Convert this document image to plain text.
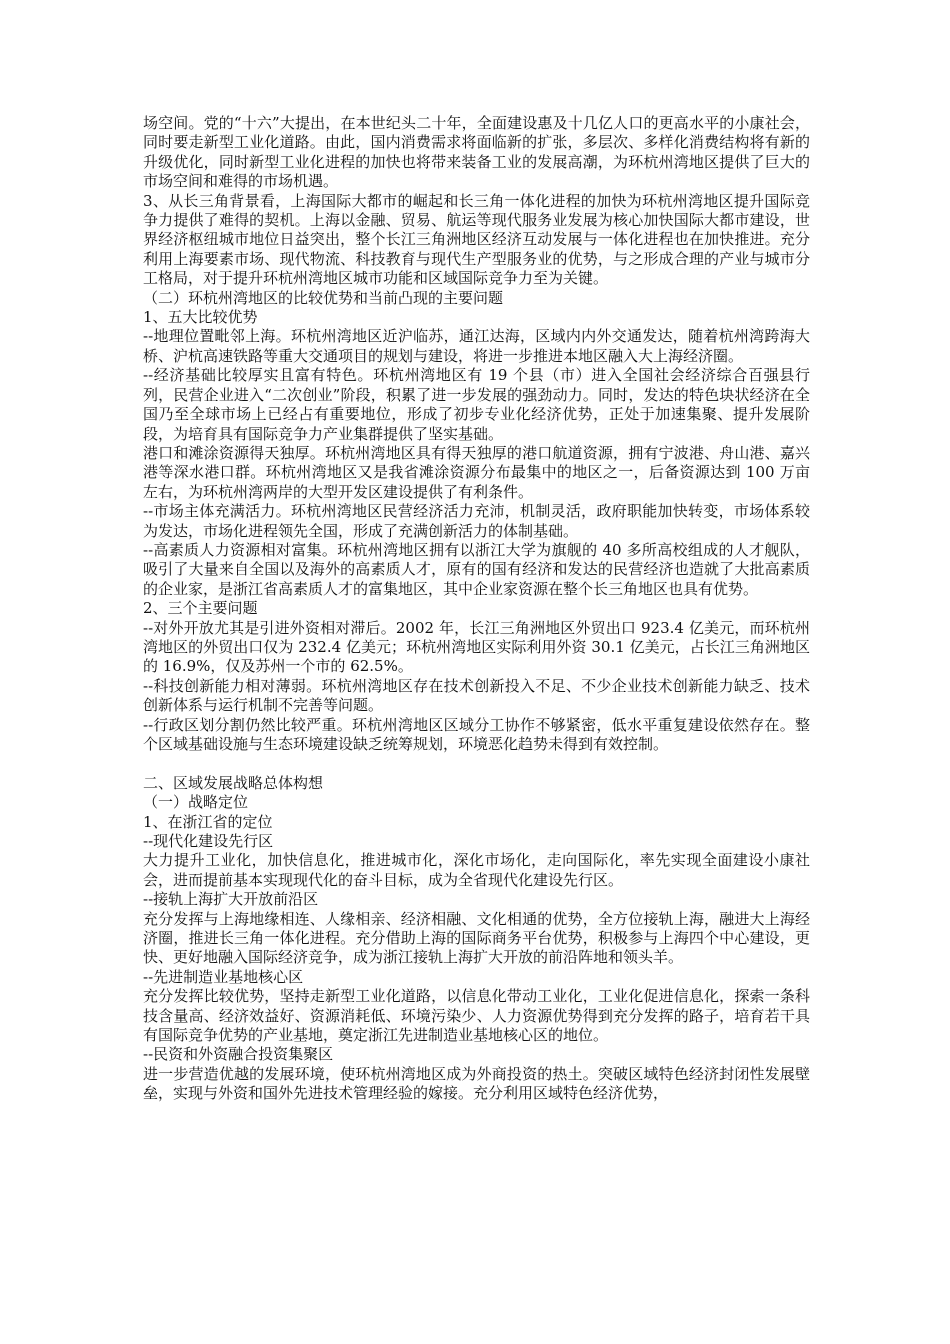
场空间。党的“十六”大提出，在本世纪头二十年，全面建设惠及十几亿人口的更高水平的小康社会，同时要走新型工业化道路。由此，国内消费需求将面临新的扩张，多层次、多样化消费结构将有新的升级优化，同时新型工业化进程的加快也将带来装备工业的发展高潮，为环杭州湾地区提供了巨大的市场空间和难得的市场机遇。

3、从长三角背景看，上海国际大都市的崛起和长三角一体化进程的加快为环杭州湾地区提升国际竞争力提供了难得的契机。上海以金融、贸易、航运等现代服务业发展为核心加快国际大都市建设，世界经济枢纽城市地位日益突出，整个长江三角洲地区经济互动发展与一体化进程也在加快推进。充分利用上海要素市场、现代物流、科技教育与现代生产型服务业的优势，与之形成合理的产业与城市分工格局，对于提升环杭州湾地区城市功能和区域国际竞争力至为关键。

（二）环杭州湾地区的比较优势和当前凸现的主要问题

1、五大比较优势

--地理位置毗邻上海。环杭州湾地区近沪临苏，通江达海，区域内内外交通发达，随着杭州湾跨海大桥、沪杭高速铁路等重大交通项目的规划与建设，将进一步推进本地区融入大上海经济圈。

--经济基础比较厚实且富有特色。环杭州湾地区有 19 个县（市）进入全国社会经济综合百强县行列，民营企业进入“二次创业”阶段，积累了进一步发展的强劲动力。同时，发达的特色块状经济在全国乃至全球市场上已经占有重要地位，形成了初步专业化经济优势，正处于加速集聚、提升发展阶段，为培育具有国际竞争力产业集群提供了坚实基础。

港口和滩涂资源得天独厚。环杭州湾地区具有得天独厚的港口航道资源，拥有宁波港、舟山港、嘉兴港等深水港口群。环杭州湾地区又是我省滩涂资源分布最集中的地区之一，后备资源达到 100 万亩左右，为环杭州湾两岸的大型开发区建设提供了有利条件。

--市场主体充满活力。环杭州湾地区民营经济活力充沛，机制灵活，政府职能加快转变，市场体系较为发达，市场化进程领先全国，形成了充满创新活力的体制基础。

--高素质人力资源相对富集。环杭州湾地区拥有以浙江大学为旗舰的 40 多所高校组成的人才舰队，吸引了大量来自全国以及海外的高素质人才，原有的国有经济和发达的民营经济也造就了大批高素质的企业家，是浙江省高素质人才的富集地区，其中企业家资源在整个长三角地区也具有优势。

2、三个主要问题

--对外开放尤其是引进外资相对滞后。2002 年，长江三角洲地区外贸出口 923.4 亿美元，而环杭州湾地区的外贸出口仅为 232.4 亿美元；环杭州湾地区实际利用外资 30.1 亿美元，占长江三角洲地区的 16.9%，仅及苏州一个市的 62.5%。

--科技创新能力相对薄弱。环杭州湾地区存在技术创新投入不足、不少企业技术创新能力缺乏、技术创新体系与运行机制不完善等问题。

--行政区划分割仍然比较严重。环杭州湾地区区域分工协作不够紧密，低水平重复建设依然存在。整个区域基础设施与生态环境建设缺乏统筹规划，环境恶化趋势未得到有效控制。

二、区域发展战略总体构想

（一）战略定位

1、在浙江省的定位

--现代化建设先行区

大力提升工业化，加快信息化，推进城市化，深化市场化，走向国际化，率先实现全面建设小康社会，进而提前基本实现现代化的奋斗目标，成为全省现代化建设先行区。

--接轨上海扩大开放前沿区

充分发挥与上海地缘相连、人缘相亲、经济相融、文化相通的优势，全方位接轨上海，融进大上海经济圈，推进长三角一体化进程。充分借助上海的国际商务平台优势，积极参与上海四个中心建设，更快、更好地融入国际经济竞争，成为浙江接轨上海扩大开放的前沿阵地和领头羊。

--先进制造业基地核心区

充分发挥比较优势，坚持走新型工业化道路，以信息化带动工业化，工业化促进信息化，探索一条科技含量高、经济效益好、资源消耗低、环境污染少、人力资源优势得到充分发挥的路子，培育若干具有国际竞争优势的产业基地，奠定浙江先进制造业基地核心区的地位。

--民资和外资融合投资集聚区

进一步营造优越的发展环境，使环杭州湾地区成为外商投资的热土。突破区域特色经济封闭性发展壁垒，实现与外资和国外先进技术管理经验的嫁接。充分利用区域特色经济优势，
